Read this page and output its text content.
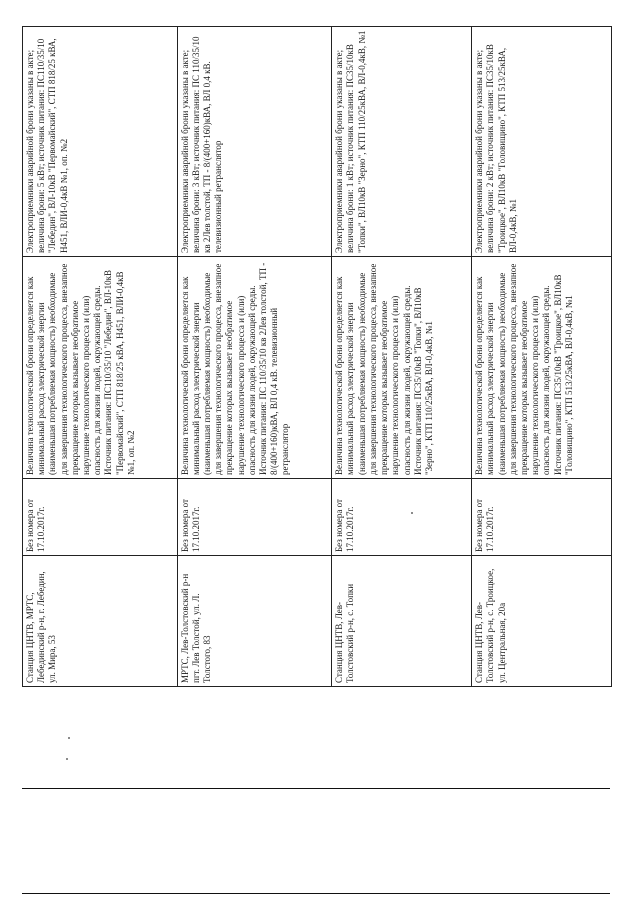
Станция ЦНТВ, МРТС, Лебединский р-н, г. Лебедин, ул. Мира, 53	Без номера от 17.10.2017г.	Величина технологической брони определяется как минимальный расход электрической энергии (наименьшая потребляемая мощность) необходимые для завершения технологического процесса, внезапное прекращение которых вызывает необратимое нарушение технологического процесса и (или) опасность для жизни людей, окружающей среды. Источник питания: ПС110/35/10 "Лебедин", ВЛ-10кВ "Первомайский", СТП 818/25 кВА, Н451, ВЛИ-0,4кВ №1, оп. №2	Электроприемники аварийной брони указаны в акте; величина брони: 5 кВт; источник питания: ПС110/35/10 "Лебедин", ВЛ-10кВ "Первомайский", СТП 818/25 кВА, Н451, ВЛИ-0,4кВ №1, оп. №2
МРТС, Лев-Толстовский р-н пгт. Лев Толстой, ул. Л. Толстого, 83	Без номера от 17.10.2017г.	Величина технологической брони определяется как минимальный расход электрической энергии (наименьшая потребляемая мощность) необходимые для завершения технологического процесса, внезапное прекращение которых вызывает необратимое нарушение технологического процесса и (или) опасность для жизни людей, окружающей среды. Источник питания: ПС 110/35/10 кв 2Лев толстой, ТП - 8/(400+160)кВА, ВЛ 0,4 кВ. телевизионный ретранслятор	Электроприемники аварийной брони указаны в акте; величина брони: 3 кВт; источник питания: ПС 110/35/10 кв 2Лев толстой, ТП - 8/(400+160)кВА, ВЛ 0,4 кВ. телевизионный ретранслятор
Станция ЦНТВ, Лев-Толстовский р-н, с. Топки	Без номера от 17.10.2017г.	Величина технологической брони определяется как минимальный расход электрической энергии (наименьшая потребляемая мощность) необходимые для завершения технологического процесса, внезапное прекращение которых вызывает необратимое нарушение технологического процесса и (или) опасность для жизни людей, окружающей среды. Источник питания: ПС35/10кВ "Топки", ВЛ10кВ "Зерно", КТП 110/25кВА, ВЛ-0,4кВ, №1	Электроприемники аварийной брони указаны в акте; величина брони: 1 кВт; источник питания: ПС35/10кВ "Топки", ВЛ10кВ "Зерно", КТП 110/25кВА, ВЛ-0,4кВ, №1
Станция ЦНТВ, Лев-Толстовский р-н, с. Троицкое, ул. Центральная, 20а	Без номера от 17.10.2017г.	Величина технологической брони определяется как минимальный расход электрической энергии (наименьшая потребляемая мощность) необходимые для завершения технологического процесса, внезапное прекращение которых вызывает необратимое нарушение технологического процесса и (или) опасность для жизни людей, окружающей среды. Источник питания: ПС35/10кВ "Троицкое", ВЛ10кВ "Головищино", КТП 513/25кВА, ВЛ-0,4кВ, №1	Электроприемники аварийной брони указаны в акте; величина брони: 2 кВт; источник питания: ПС35/10кВ "Троицкое", ВЛ10кВ "Головищино", КТП 513/25кВА, ВЛ-0,4кВ, №1
